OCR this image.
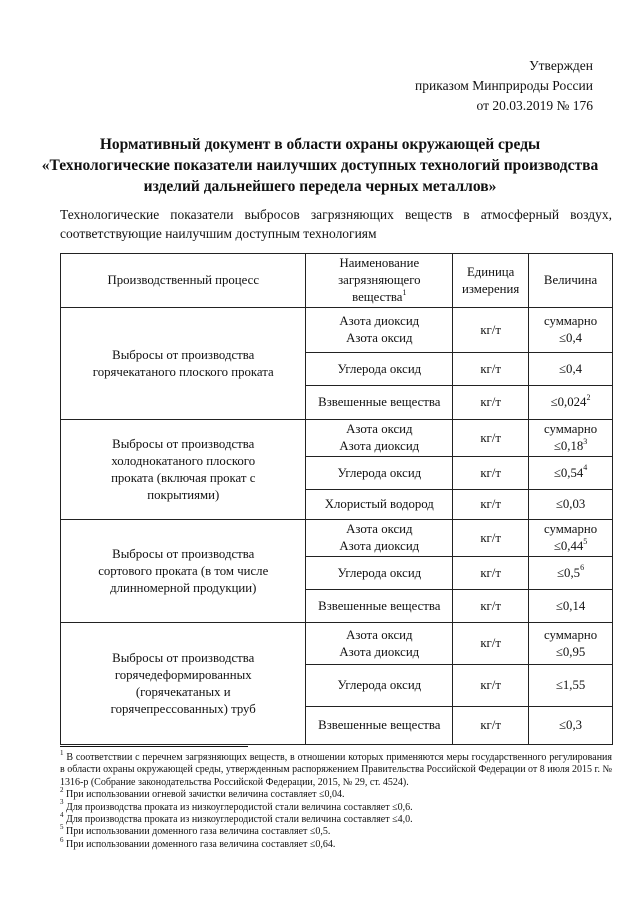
Утвержден
приказом Минприроды России
от 20.03.2019 № 176
Нормативный документ в области охраны окружающей среды
«Технологические показатели наилучших доступных технологий производства
изделий дальнейшего передела черных металлов»
Технологические показатели выбросов загрязняющих веществ в атмосферный воздух,
соответствующие наилучшим доступным технологиям
Производственный процесс	Наименование
загрязняющего вещества$^1$	Единица
измерения	Величина

Выбросы от производства
горячекатаного плоского проката	Азота диоксид
Азота оксид	кг/т	суммарно
≤0,4

	Углерода оксид	кг/т	≤0,4

	Взвешенные вещества	кг/т	$\le 0,024^2$

Выбросы от производства
холоднокатаного плоского
проката (включая прокат с
покрытиями)	Азота оксид
Азота диоксид	кг/т	суммарно
$\le 0,18^3$

	Углерода оксид	кг/т	$\le 0,54^4$

	Хлористый водород	кг/т	≤0,03

Выбросы от производства
сортового проката (в том числе
длинномерной продукции)	Азота оксид
Азота диоксид	кг/т	суммарно
$\le 0,44^5$

	Углерода оксид	кг/т	$\le 0,5^6$

	Взвешенные вещества	кг/т	≤0,14

Выбросы от производства
горячедеформированных
(горячекатаных и
горячепрессованных) труб	Азота оксид
Азота диоксид	кг/т	суммарно
≤0,95

	Углерода оксид	кг/т	≤1,55

	Взвешенные вещества	кг/т	≤0,3
$^1$ В соответствии с перечнем загрязняющих веществ, в отношении которых применяются меры государственного регулирования в области охраны окружающей среды, утвержденным распоряжением Правительства Российской Федерации от 8 июля 2015 г. № 1316-р (Собрание законодательства Российской Федерации, 2015, № 29, ст. 4524).
$^2$ При использовании огневой зачистки величина составляет ≤0,04.
$^3$ Для производства проката из низкоуглеродистой стали величина составляет ≤0,6.
$^4$ Для производства проката из низкоуглеродистой стали величина составляет ≤4,0.
$^5$ При использовании доменного газа величина составляет ≤0,5.
$^6$ При использовании доменного газа величина составляет ≤0,64.
